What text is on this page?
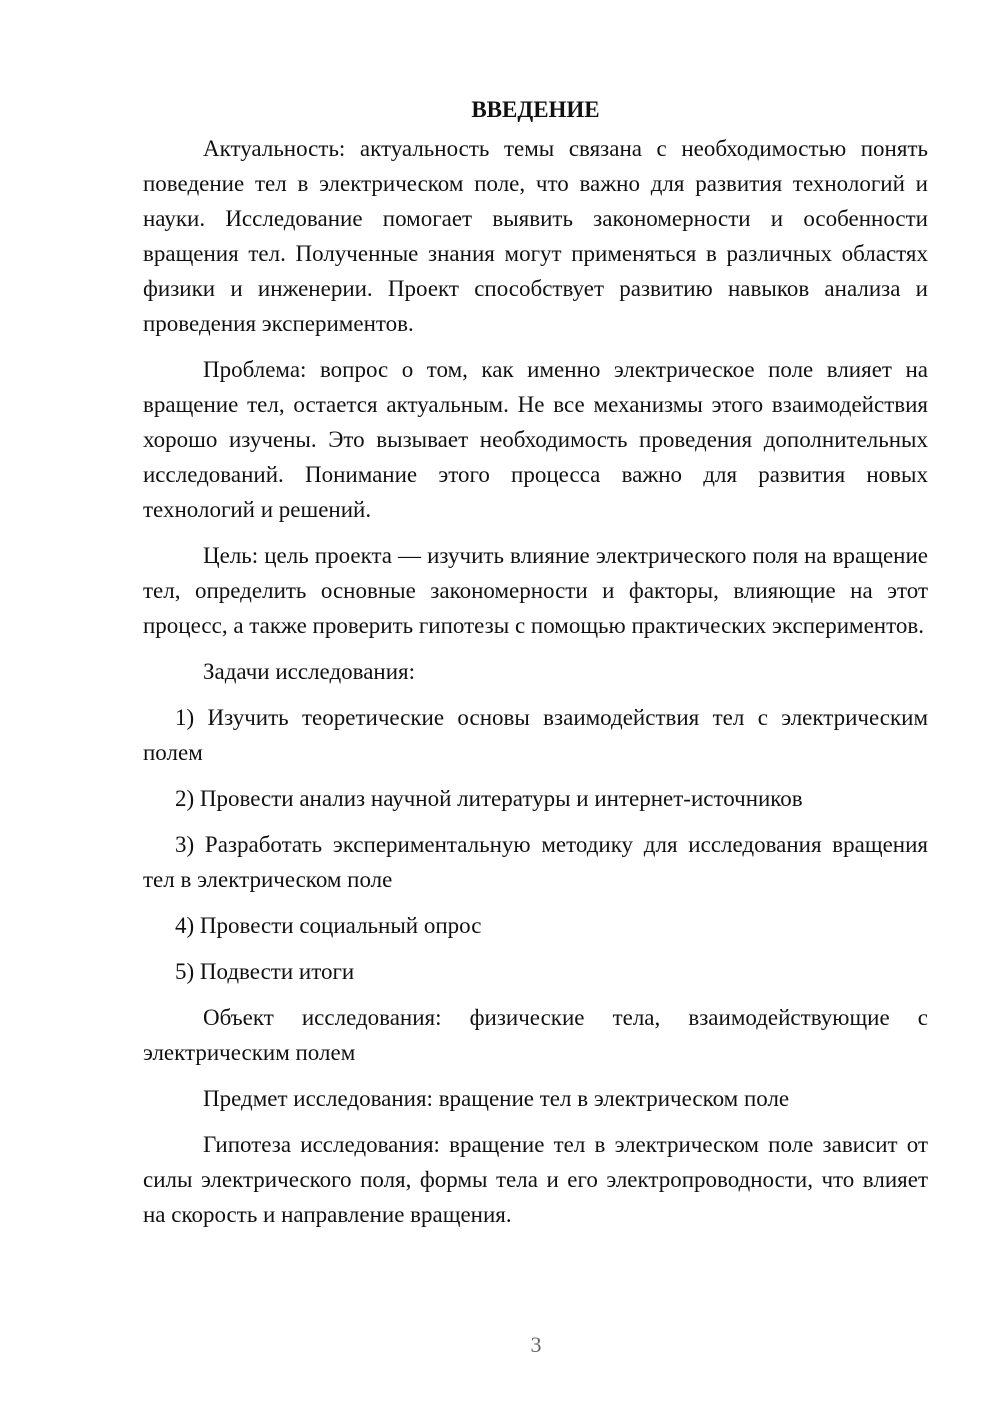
ВВЕДЕНИЕ

Актуальность: актуальность темы связана с необходимостью понять поведение тел в электрическом поле, что важно для развития технологий и науки. Исследование помогает выявить закономерности и особенности вращения тел. Полученные знания могут применяться в различных областях физики и инженерии. Проект способствует развитию навыков анализа и проведения экспериментов.

Проблема: вопрос о том, как именно электрическое поле влияет на вращение тел, остается актуальным. Не все механизмы этого взаимодействия хорошо изучены. Это вызывает необходимость проведения дополнительных исследований. Понимание этого процесса важно для развития новых технологий и решений.

Цель: цель проекта — изучить влияние электрического поля на вращение тел, определить основные закономерности и факторы, влияющие на этот процесс, а также проверить гипотезы с помощью практических экспериментов.

Задачи исследования:

1) Изучить теоретические основы взаимодействия тел с электрическим полем

2) Провести анализ научной литературы и интернет-источников

3) Разработать экспериментальную методику для исследования вращения тел в электрическом поле

4) Провести социальный опрос

5) Подвести итоги

Объект исследования: физические тела, взаимодействующие с электрическим полем

Предмет исследования: вращение тел в электрическом поле

Гипотеза исследования: вращение тел в электрическом поле зависит от силы электрического поля, формы тела и его электропроводности, что влияет на скорость и направление вращения.

3
